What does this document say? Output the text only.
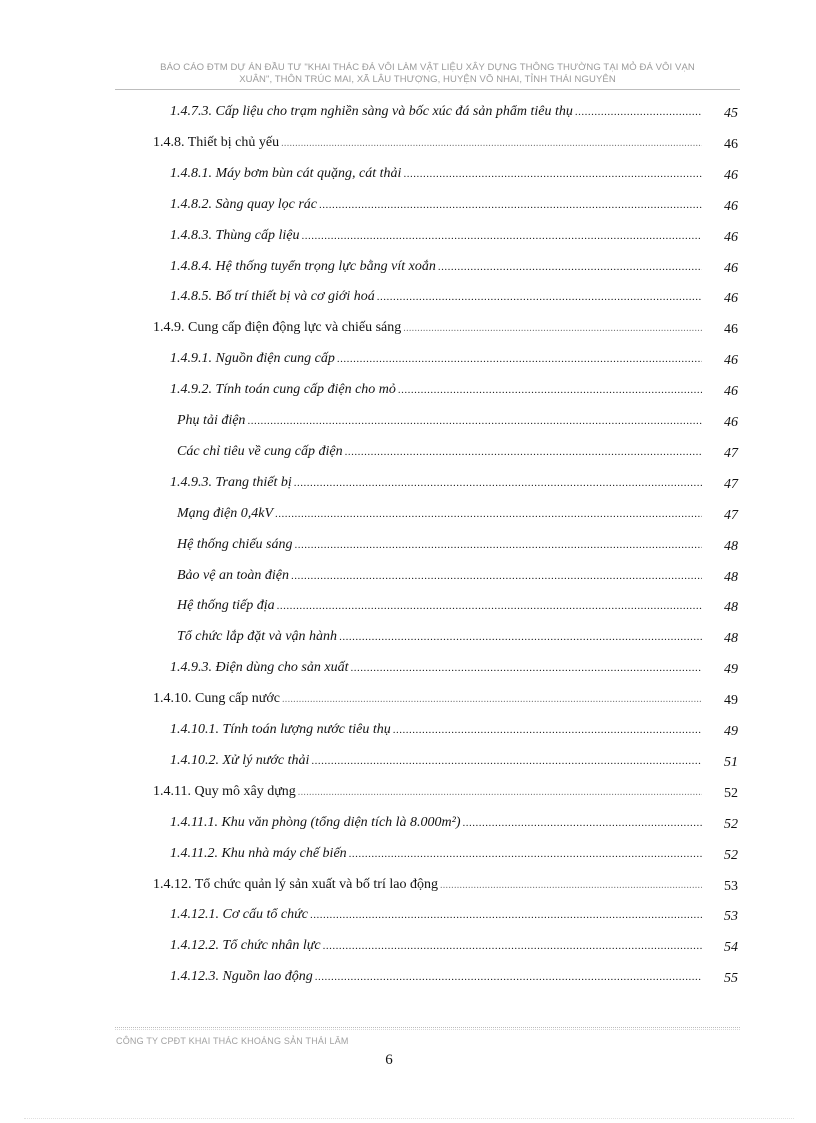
BÁO CÁO ĐTM DỰ ÁN ĐẦU TƯ "KHAI THÁC ĐÁ VÔI LÀM VẬT LIỆU XÂY DỰNG THÔNG THƯỜNG TẠI MỎ ĐÁ VÔI VẠN
XUÂN", THÔN TRÚC MAI, XÃ LÂU THƯỢNG, HUYỆN VÕ NHAI, TỈNH THÁI NGUYÊN
1.4.7.3. Cấp liệu cho trạm nghiền sàng và bốc xúc đá sản phẩm tiêu thụ .....	45
1.4.8. Thiết bị chủ yếu .....	46
1.4.8.1. Máy bơm bùn cát quặng, cát thải .....	46
1.4.8.2. Sàng quay lọc rác .....	46
1.4.8.3. Thùng cấp liệu .....	46
1.4.8.4. Hệ thống tuyển trọng lực bằng vít xoắn .....	46
1.4.8.5. Bố trí thiết bị và cơ giới hoá .....	46
1.4.9. Cung cấp điện động lực và chiếu sáng .....	46
1.4.9.1. Nguồn điện cung cấp .....	46
1.4.9.2. Tính toán cung cấp điện cho mỏ .....	46
Phụ tải điện .....	46
Các chỉ tiêu về cung cấp điện .....	47
1.4.9.3. Trang thiết bị .....	47
Mạng điện 0,4kV .....	47
Hệ thống chiếu sáng .....	48
Bảo vệ an toàn điện .....	48
Hệ thống tiếp địa .....	48
Tổ chức lắp đặt và vận hành .....	48
1.4.9.3. Điện dùng cho sản xuất .....	49
1.4.10. Cung cấp nước .....	49
1.4.10.1. Tính toán lượng nước tiêu thụ .....	49
1.4.10.2. Xử lý nước thải .....	51
1.4.11. Quy mô xây dựng .....	52
1.4.11.1. Khu văn phòng (tổng diện tích là 8.000m²) .....	52
1.4.11.2. Khu nhà máy chế biến .....	52
1.4.12. Tổ chức quản lý sản xuất và bố trí lao động .....	53
1.4.12.1. Cơ cấu tổ chức .....	53
1.4.12.2. Tổ chức nhân lực .....	54
1.4.12.3. Nguồn lao động .....	55
CÔNG TY CPĐT KHAI THÁC KHOÁNG SẢN THÁI LÂM
6
